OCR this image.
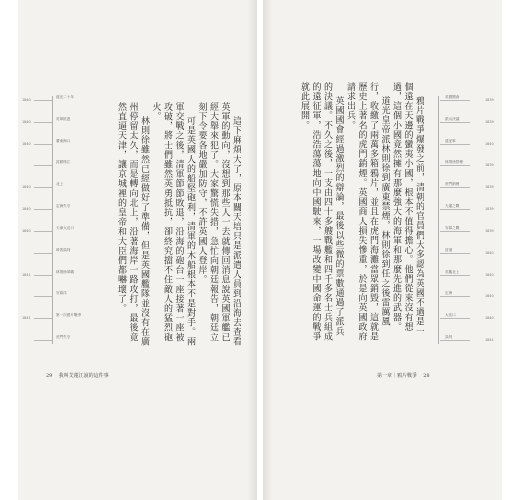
道光二十年
1840
英軍抵達
1840
廣東海口
1840
封鎖珠江
北上
1840
定海失守
1840
天津大沽口
1840
琦善談判
林則徐革職
1841
穿鼻洋
第一次鴉片戰爭
1841
虎門失守	這下麻煩大了，原本關天培只是派遣人員到沿海去查看英軍的動向，沒想到那些人一去就傳回消息說英國軍艦已經大舉來犯了。大家驚慌失措，急忙向朝廷報告，朝廷立刻下令要各地嚴加防守，不許英國人登岸。

可是英國人的船堅砲利，清軍的木船根本不是對手。兩軍交戰之後，清軍節節敗退，沿海的砲台一座接著一座被攻破，將士們雖然英勇抵抗，卻終究擋不住敵人的猛烈砲火。

林則徐雖然已經做好了準備，但是英國艦隊並沒有在廣州停留太久，而是轉向北上，沿著海岸一路攻打，最後竟然直逼天津，讓京城裡的皇帝和大臣們都嚇壞了。

29 我叫艾蓮江說的這件事

鴉片戰爭爆發之前，清朝的官員們大多認為英國不過是一個遠在天邊的蠻夷小國，根本不值得擔心。他們從來沒有想過，這個小國竟然擁有那麼強大的海軍和那麼先進的武器。

道光皇帝派林則徐到廣東禁煙，林則徐到任之後雷厲風行，收繳了兩萬多箱鴉片，並且在虎門海灘當眾銷毀，這就是歷史上著名的虎門銷煙。英國商人損失慘重，於是向英國政府請求出兵。

英國國會經過激烈的辯論，最後以些微的票數通過了派兵的決議。不久之後，一支由四十多艘戰艦和四千多名士兵組成的遠征軍，浩浩蕩蕩地向中國駛來，一場改變中國命運的戰爭就此展開。	英國國會
1839
派兵決議
1839
遠征軍
1840
林則徐禁煙
1839
虎門銷煙
1839
九龍之戰
1839
穿鼻之戰
1839
封港
1840
英艦北上
1840
定海
1840
大沽口
1840
談判
1841
第一章｜鴉片戰爭 28
